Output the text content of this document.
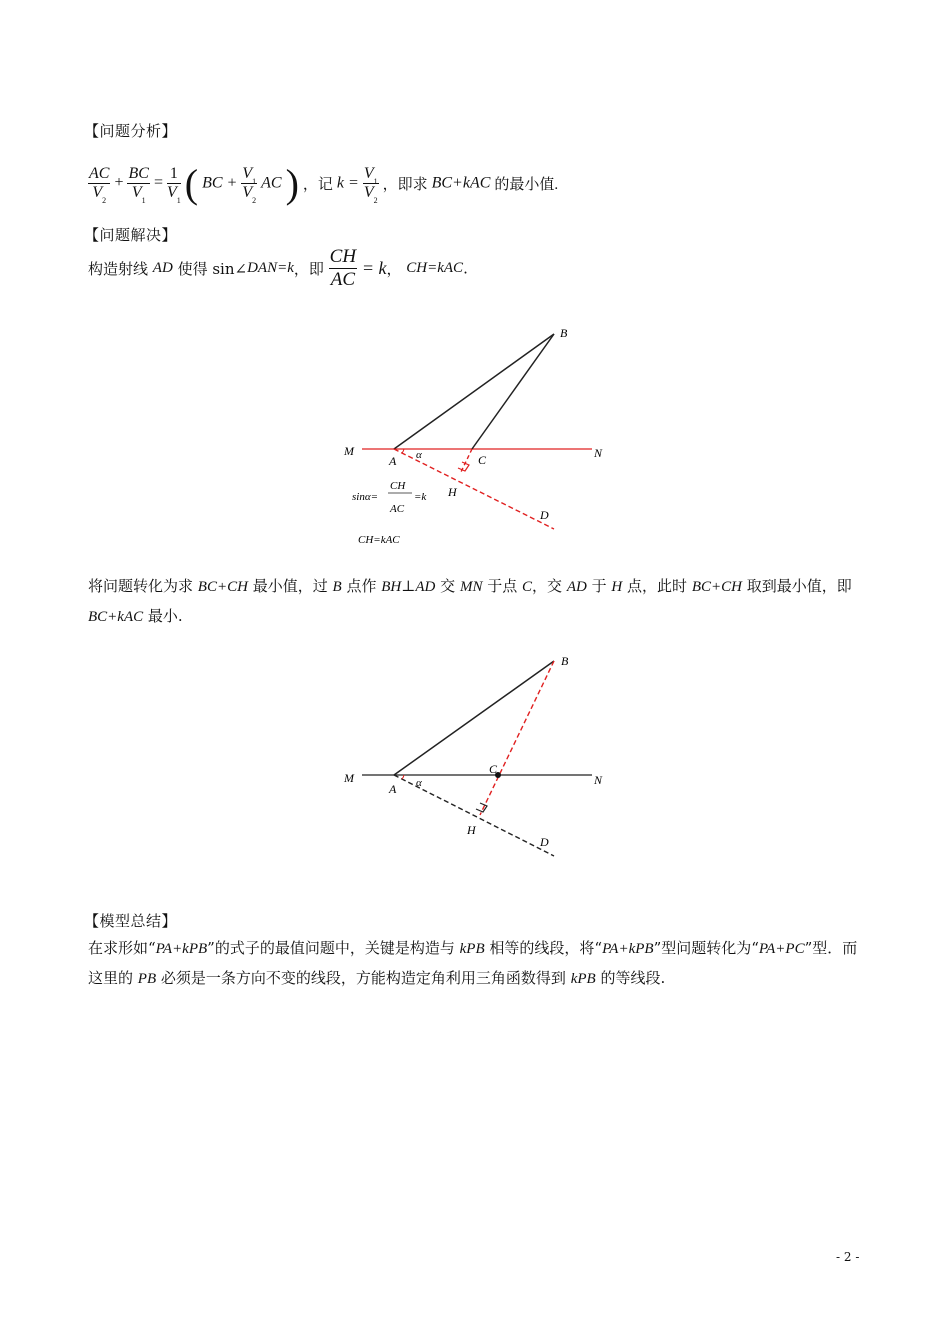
【问题分析】
$\frac{AC}{V_2} + \frac{BC}{V_1} = \frac{1}{V_1}$ ( BC + $\frac{V_1}{V_2}$ AC ) ，记 $k = \frac{V_1}{V_2}$ ，即求 BC+kAC 的最小值.
【问题解决】
构造射线 AD 使得 sin∠DAN=k，即 $\frac{CH}{AC} = k$， CH=kAC.
B
M	N
A α	C
H
D
sinα=
CH
AC
=k
CH=kAC
将问题转化为求 BC+CH 最小值，过 B 点作 BH⊥AD 交 MN 于点 C，交 AD 于 H 点，此时 BC+CH 取到最小值，即 BC+kAC 最小.
B
M	N
A α
C
H
D
【模型总结】
在求形如“PA+kPB”的式子的最值问题中，关键是构造与 kPB 相等的线段，将“PA+kPB”型问题转化为“PA+PC”型．而这里的 PB 必须是一条方向不变的线段，方能构造定角利用三角函数得到 kPB 的等线段.
- 2 -
